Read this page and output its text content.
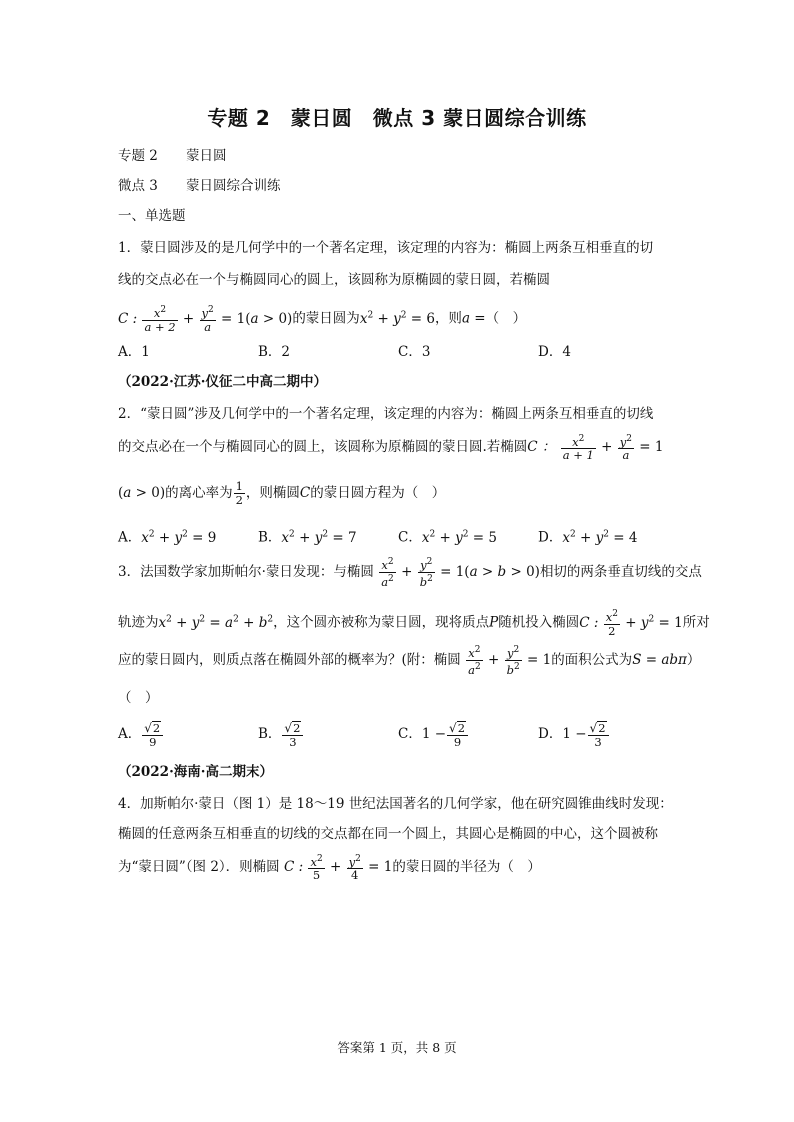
专题 2　蒙日圆　微点 3 蒙日圆综合训练
专题 2 蒙日圆
微点 3 蒙日圆综合训练
一、单选题
1．蒙日圆涉及的是几何学中的一个著名定理，该定理的内容为：椭圆上两条互相垂直的切
线的交点必在一个与椭圆同心的圆上，该圆称为原椭圆的蒙日圆，若椭圆
C : $\frac{x^2}{a + 2} + \frac{y^2}{a} = 1(a > 0)$的蒙日圆为$x^2 + y^2 = 6$，则a =（　）
A．1	B．2	C．3	D．4
（2022·江苏·仪征二中高二期中）
2．“蒙日圆”涉及几何学中的一个著名定理，该定理的内容为：椭圆上两条互相垂直的切线
的交点必在一个与椭圆同心的圆上，该圆称为原椭圆的蒙日圆.若椭圆C ： $\frac{x^2}{a + 1} + \frac{y^2}{a} = 1$
(a > 0)的离心率为 $\frac{1}{2}$ ，则椭圆C的蒙日圆方程为（　）
A．$x^2 + y^2 = 9$	B．$x^2 + y^2 = 7$	C．$x^2 + y^2 = 5$	D．$x^2 + y^2 = 4$
3．法国数学家加斯帕尔·蒙日发现：与椭圆 $\frac{x^2}{a^2} + \frac{y^2}{b^2} = 1(a > b > 0)$相切的两条垂直切线的交点
轨迹为$x^2 + y^2 = a^2 + b^2$，这个圆亦被称为蒙日圆，现将质点P随机投入椭圆C : $\frac{x^2}{2} + y^2 = 1$所对
应的蒙日圆内，则质点落在椭圆外部的概率为？(附：椭圆 $\frac{x^2}{a^2} + \frac{y^2}{b^2} = 1$的面积公式为S = abπ）
（　）
A． $\frac{√2}{9}$	B． $\frac{√2}{3}$	C．$1 - \frac{√2}{9}$	D．$1 - \frac{√2}{3}$
（2022·海南·高二期末）
4．加斯帕尔·蒙日（图 1）是 18～19 世纪法国著名的几何学家，他在研究圆锥曲线时发现：
椭圆的任意两条互相垂直的切线的交点都在同一个圆上，其圆心是椭圆的中心，这个圆被称
为“蒙日圆”（图 2）．则椭圆 C : $\frac{x^2}{5} + \frac{y^2}{4} = 1$的蒙日圆的半径为（　）
答案第 1 页，共 8 页
